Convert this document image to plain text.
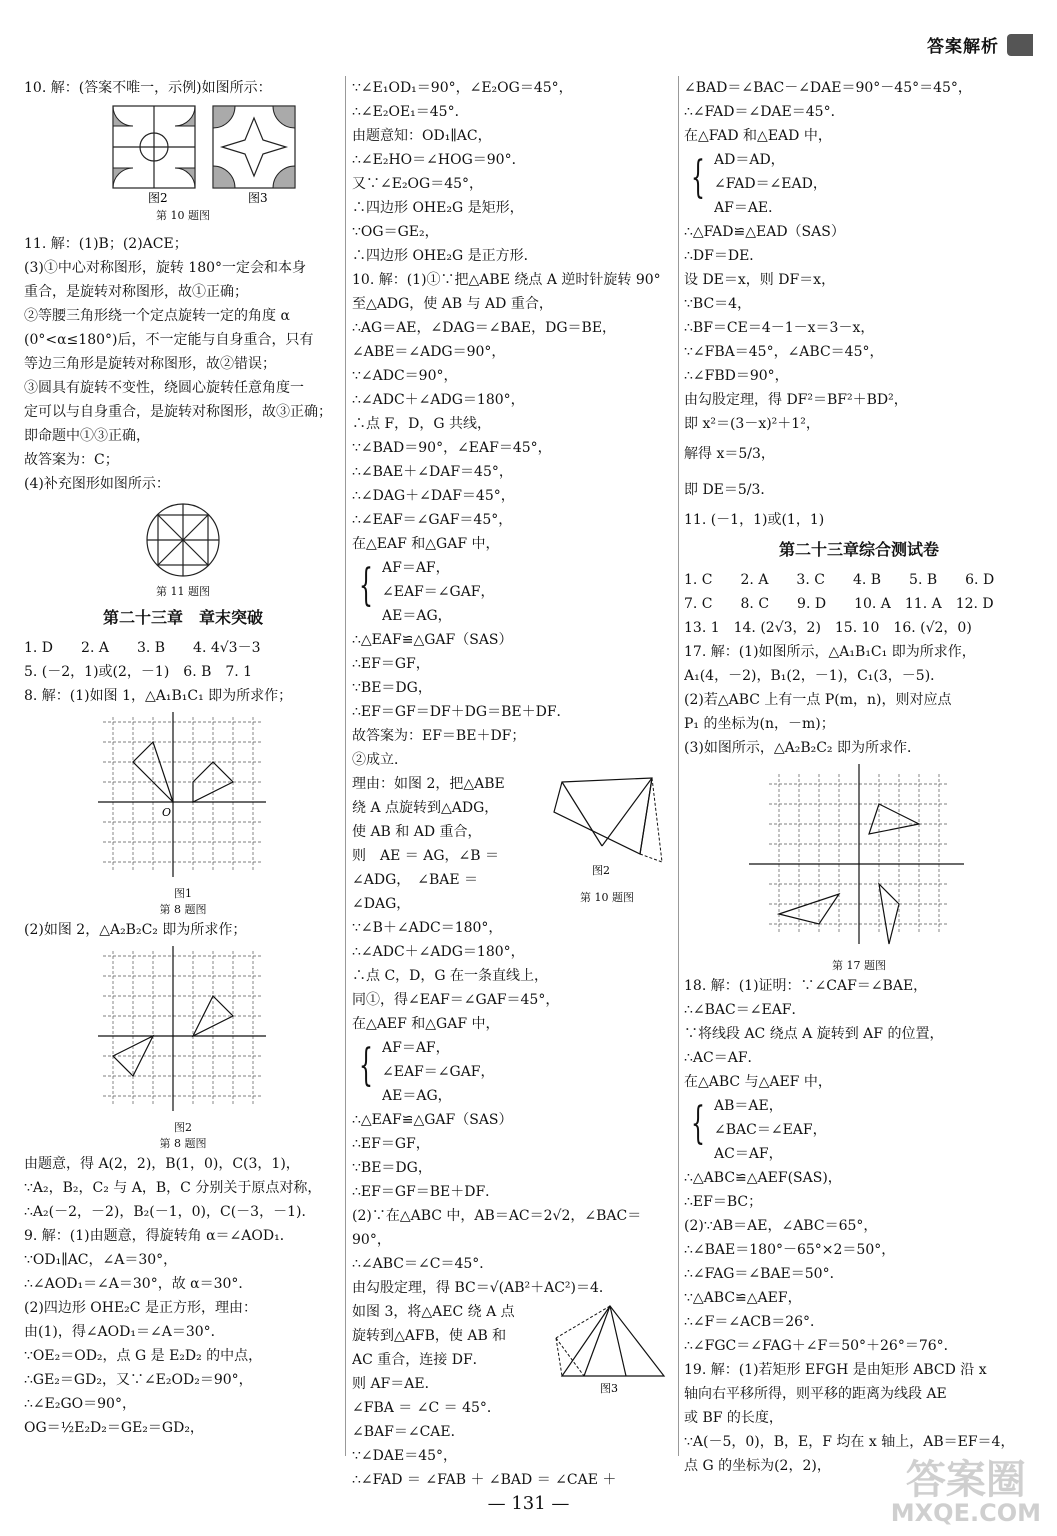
答案解析

10. 解：(答案不唯一，示例)如图所示：

图2	图3

第 10 题图

11. 解：(1)B；(2)ACE；

(3)①中心对称图形，旋转 180°一定会和本身

重合，是旋转对称图形，故①正确；

②等腰三角形绕一个定点旋转一定的角度 α

(0°<α≤180°)后，不一定能与自身重合，只有

等边三角形是旋转对称图形，故②错误；

③圆具有旋转不变性，绕圆心旋转任意角度一

定可以与自身重合，是旋转对称图形，故③正确；

即命题中①③正确，

故答案为：C；

(4)补充图形如图所示：

第 11 题图

第二十三章　章末突破

1. D　　2. A　　3. B　　4. 4√3－3

5. (－2，1)或(2，－1)　6. B　7. 1

8. 解：(1)如图 1，△A₁B₁C₁ 即为所求作；

O

图1

第 8 题图

(2)如图 2，△A₂B₂C₂ 即为所求作；

图2

第 8 题图

由题意，得 A(2，2)，B(1，0)，C(3，1)，

∵A₂，B₂，C₂ 与 A，B，C 分别关于原点对称，

∴A₂(－2，－2)，B₂(－1，0)，C(－3，－1)．

9. 解：(1)由题意，得旋转角 α＝∠AOD₁．

∵OD₁∥AC，∠A＝30°，

∴∠AOD₁＝∠A＝30°，故 α＝30°．

(2)四边形 OHE₂C 是正方形，理由：

由(1)，得∠AOD₁＝∠A＝30°．

∵OE₂＝OD₂，点 G 是 E₂D₂ 的中点，

∴GE₂＝GD₂，又∵∠E₂OD₂＝90°，

∴∠E₂GO＝90°，

OG＝½E₂D₂＝GE₂＝GD₂，

∵∠E₁OD₁＝90°，∠E₂OG＝45°，

∴∠E₂OE₁＝45°．

由题意知：OD₁∥AC，

∴∠E₂HO＝∠HOG＝90°．

又∵∠E₂OG＝45°，

∴四边形 OHE₂G 是矩形，

∵OG＝GE₂，

∴四边形 OHE₂G 是正方形．

10. 解：(1)①∵把△ABE 绕点 A 逆时针旋转 90°

至△ADG，使 AB 与 AD 重合，

∴AG＝AE，∠DAG＝∠BAE，DG＝BE，

∠ABE＝∠ADG＝90°，

∵∠ADC＝90°，

∴∠ADC＋∠ADG＝180°，

∴点 F，D，G 共线，

∵∠BAD＝90°，∠EAF＝45°，

∴∠BAE＋∠DAF＝45°，

∴∠DAG＋∠DAF＝45°，

∴∠EAF＝∠GAF＝45°，

在△EAF 和△GAF 中，

{ AF＝AF，

∠EAF＝∠GAF，

AE＝AG，

∴△EAF≌△GAF（SAS）

∴EF＝GF，

∵BE＝DG，

∴EF＝GF＝DF＋DG＝BE＋DF．

故答案为：EF＝BE＋DF；

②成立．

理由：如图 2，把△ABE

绕 A 点旋转到△ADG，

使 AB 和 AD 重合，

则　AE ＝ AG，∠B ＝

∠ADG，　∠BAE ＝

∠DAG，

图2

第 10 题图

∵∠B＋∠ADC＝180°，

∴∠ADC＋∠ADG＝180°，

∴点 C，D，G 在一条直线上，

同①，得∠EAF＝∠GAF＝45°，

在△AEF 和△GAF 中，

{ AF＝AF，

∠EAF＝∠GAF，

AE＝AG，

∴△EAF≌△GAF（SAS）

∴EF＝GF，

∵BE＝DG，

∴EF＝GF＝BE＋DF．

(2)∵在△ABC 中，AB＝AC＝2√2，∠BAC＝

90°，

∴∠ABC＝∠C＝45°．

由勾股定理，得 BC＝√(AB²＋AC²)＝4．

如图 3，将△AEC 绕 A 点

旋转到△AFB，使 AB 和

AC 重合，连接 DF．

则 AF＝AE．

∠FBA ＝ ∠C ＝ 45°．

∠BAF＝∠CAE．

图3

∵∠DAE＝45°，

∴∠FAD ＝ ∠FAB ＋ ∠BAD ＝ ∠CAE ＋

∠BAD＝∠BAC－∠DAE＝90°－45°＝45°，

∴∠FAD＝∠DAE＝45°．

在△FAD 和△EAD 中，

{ AD＝AD，

∠FAD＝∠EAD，

AF＝AE．

∴△FAD≌△EAD（SAS）

∴DF＝DE．

设 DE＝x，则 DF＝x，

∵BC＝4，

∴BF＝CE＝4－1－x＝3－x，

∵∠FBA＝45°，∠ABC＝45°，

∴∠FBD＝90°，

由勾股定理，得 DF²＝BF²＋BD²，

即 x²＝(3－x)²＋1²，

解得 x＝5/3，

即 DE＝5/3．

11. (－1，1)或(1，1)

第二十三章综合测试卷

1. C　　2. A　　3. C　　4. B　　5. B　　6. D

7. C　　8. C　　9. D　　10. A　11. A　12. D

13. 1　14. (2√3，2)　15. 10　16. (√2，0)

17. 解：(1)如图所示，△A₁B₁C₁ 即为所求作，

A₁(4，－2)，B₁(2，－1)，C₁(3，－5)．

(2)若△ABC 上有一点 P(m，n)，则对应点

P₁ 的坐标为(n，－m)；

(3)如图所示，△A₂B₂C₂ 即为所求作．

第 17 题图

18. 解：(1)证明：∵∠CAF＝∠BAE，

∴∠BAC＝∠EAF．

∵将线段 AC 绕点 A 旋转到 AF 的位置，

∴AC＝AF．

在△ABC 与△AEF 中，

{ AB＝AE，

∠BAC＝∠EAF，

AC＝AF，

∴△ABC≌△AEF(SAS)，

∴EF＝BC；

(2)∵AB＝AE，∠ABC＝65°，

∴∠BAE＝180°－65°×2＝50°，

∴∠FAG＝∠BAE＝50°．

∵△ABC≌△AEF，

∴∠F＝∠ACB＝26°．

∴∠FGC＝∠FAG＋∠F＝50°＋26°＝76°．

19. 解：(1)若矩形 EFGH 是由矩形 ABCD 沿 x

轴向右平移所得，则平移的距离为线段 AE

或 BF 的长度，

∵A(－5，0)，B，E，F 均在 x 轴上，AB＝EF＝4，

点 G 的坐标为(2，2)，

— 131 —
答案圈
MXQE.COM
